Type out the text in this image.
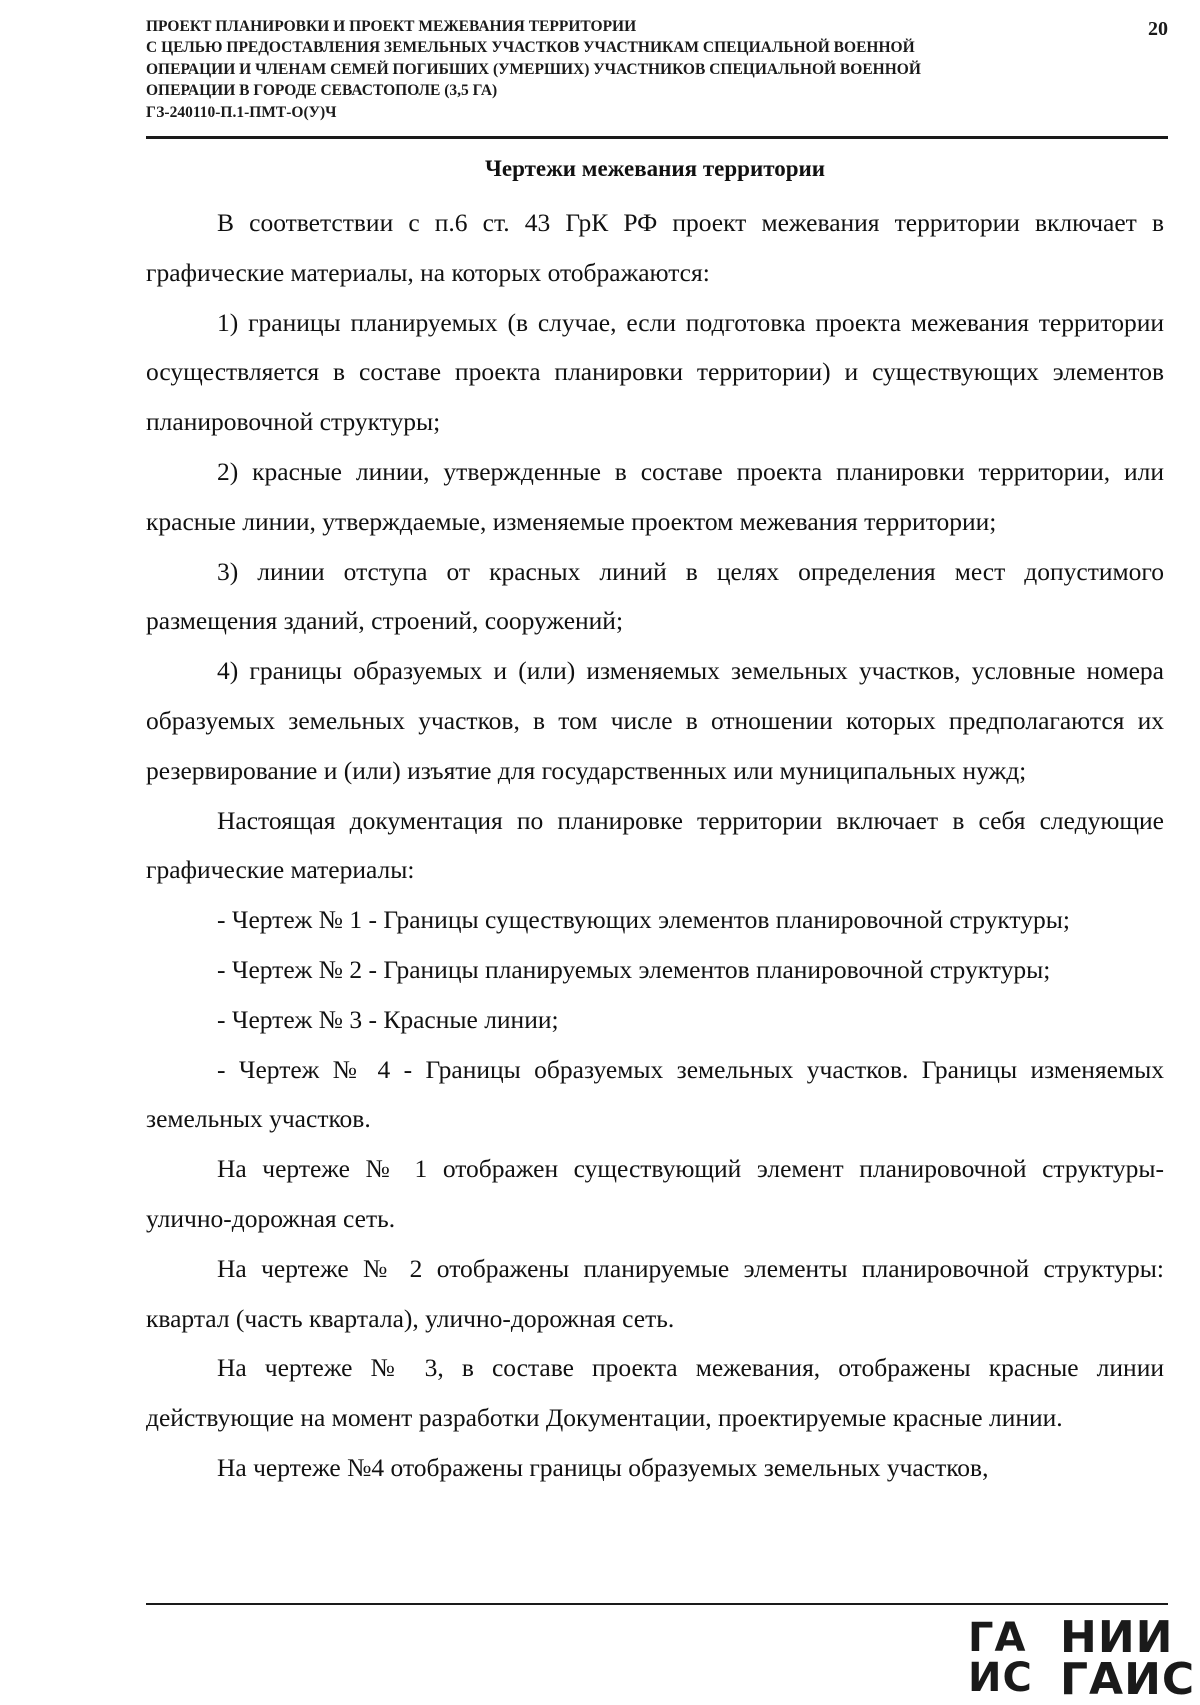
ПРОЕКТ ПЛАНИРОВКИ И ПРОЕКТ МЕЖЕВАНИЯ ТЕРРИТОРИИ
С ЦЕЛЬЮ ПРЕДОСТАВЛЕНИЯ ЗЕМЕЛЬНЫХ УЧАСТКОВ УЧАСТНИКАМ СПЕЦИАЛЬНОЙ ВОЕННОЙ
ОПЕРАЦИИ И ЧЛЕНАМ СЕМЕЙ ПОГИБШИХ (УМЕРШИХ) УЧАСТНИКОВ СПЕЦИАЛЬНОЙ ВОЕННОЙ
ОПЕРАЦИИ В ГОРОДЕ СЕВАСТОПОЛЕ (3,5 ГА)
ГЗ-240110-П.1-ПМТ-О(У)Ч
20
Чертежи межевания территории

В соответствии с п.6 ст. 43 ГрК РФ проект межевания территории включает в графические материалы, на которых отображаются:

1) границы планируемых (в случае, если подготовка проекта межевания территории осуществляется в составе проекта планировки территории) и существующих элементов планировочной структуры;

2) красные линии, утвержденные в составе проекта планировки территории, или красные линии, утверждаемые, изменяемые проектом межевания территории;

3) линии отступа от красных линий в целях определения мест допустимого размещения зданий, строений, сооружений;

4) границы образуемых и (или) изменяемых земельных участков, условные номера образуемых земельных участков, в том числе в отношении которых предполагаются их резервирование и (или) изъятие для государственных или муниципальных нужд;

Настоящая документация по планировке территории включает в себя следующие графические материалы:

- Чертеж № 1 - Границы существующих элементов планировочной структуры;

- Чертеж № 2 - Границы планируемых элементов планировочной структуры;

- Чертеж № 3 - Красные линии;

- Чертеж № 4 - Границы образуемых земельных участков. Границы изменяемых земельных участков.

На чертеже № 1 отображен существующий элемент планировочной структуры- улично-дорожная сеть.

На чертеже № 2 отображены планируемые элементы планировочной структуры: квартал (часть квартала), улично-дорожная сеть.

На чертеже № 3, в составе проекта межевания, отображены красные линии действующие на момент разработки Документации, проектируемые красные линии.

На чертеже №4 отображены границы образуемых земельных участков,

ГА
ИС
НИИ
ГАИС
